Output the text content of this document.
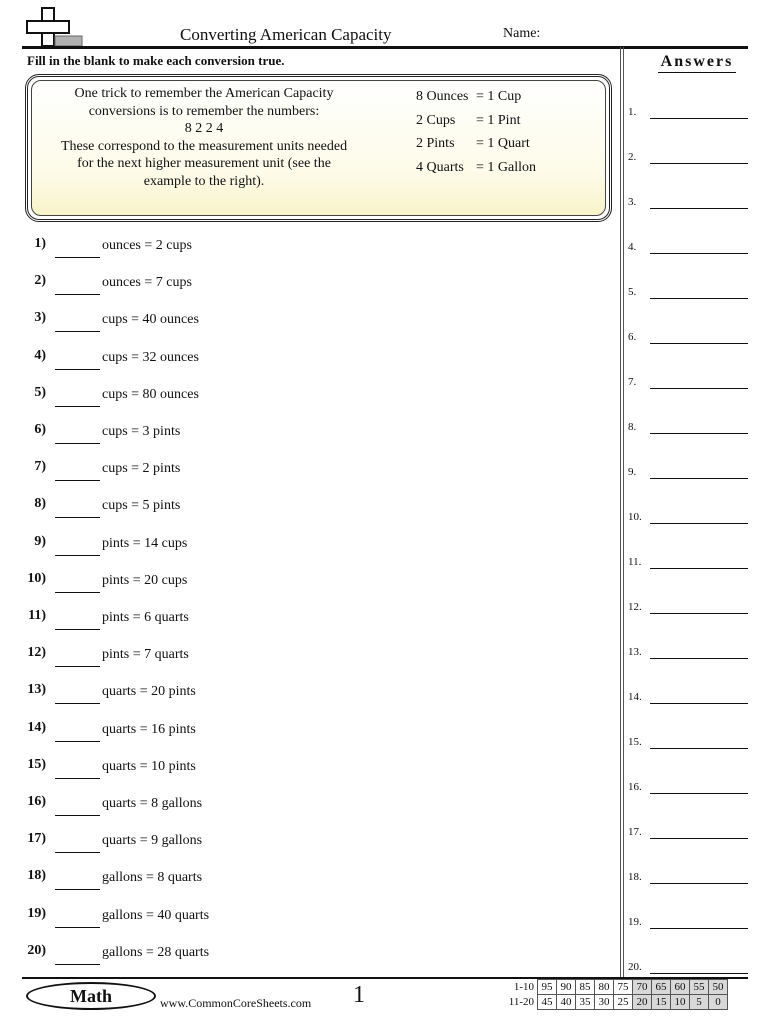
Converting American Capacity	Name:
Fill in the blank to make each conversion true.
One trick to remember the American Capacity
conversions is to remember the numbers:
8 2 2 4
These correspond to the measurement units needed
for the next higher measurement unit (see the
example to the right).
8 Ounces = 1 Cup
2 Cups = 1 Pint
2 Pints = 1 Quart
4 Quarts = 1 Gallon
1)	ounces = 2 cups
2)	ounces = 7 cups
3)	cups = 40 ounces
4)	cups = 32 ounces
5)	cups = 80 ounces
6)	cups = 3 pints
7)	cups = 2 pints
8)	cups = 5 pints
9)	pints = 14 cups
10)	pints = 20 cups
11)	pints = 6 quarts
12)	pints = 7 quarts
13)	quarts = 20 pints
14)	quarts = 16 pints
15)	quarts = 10 pints
16)	quarts = 8 gallons
17)	quarts = 9 gallons
18)	gallons = 8 quarts
19)	gallons = 40 quarts
20)	gallons = 28 quarts
Answers
1.
2.
3.
4.
5.
6.
7.
8.
9.
10.
11.
12.
13.
14.
15.
16.
17.
18.
19.
20.
Math	www.CommonCoreSheets.com 1	1-10	95	90	85	80	75	70	65	60	55	50
11-20	45	40	35	30	25	20	15	10	5	0
